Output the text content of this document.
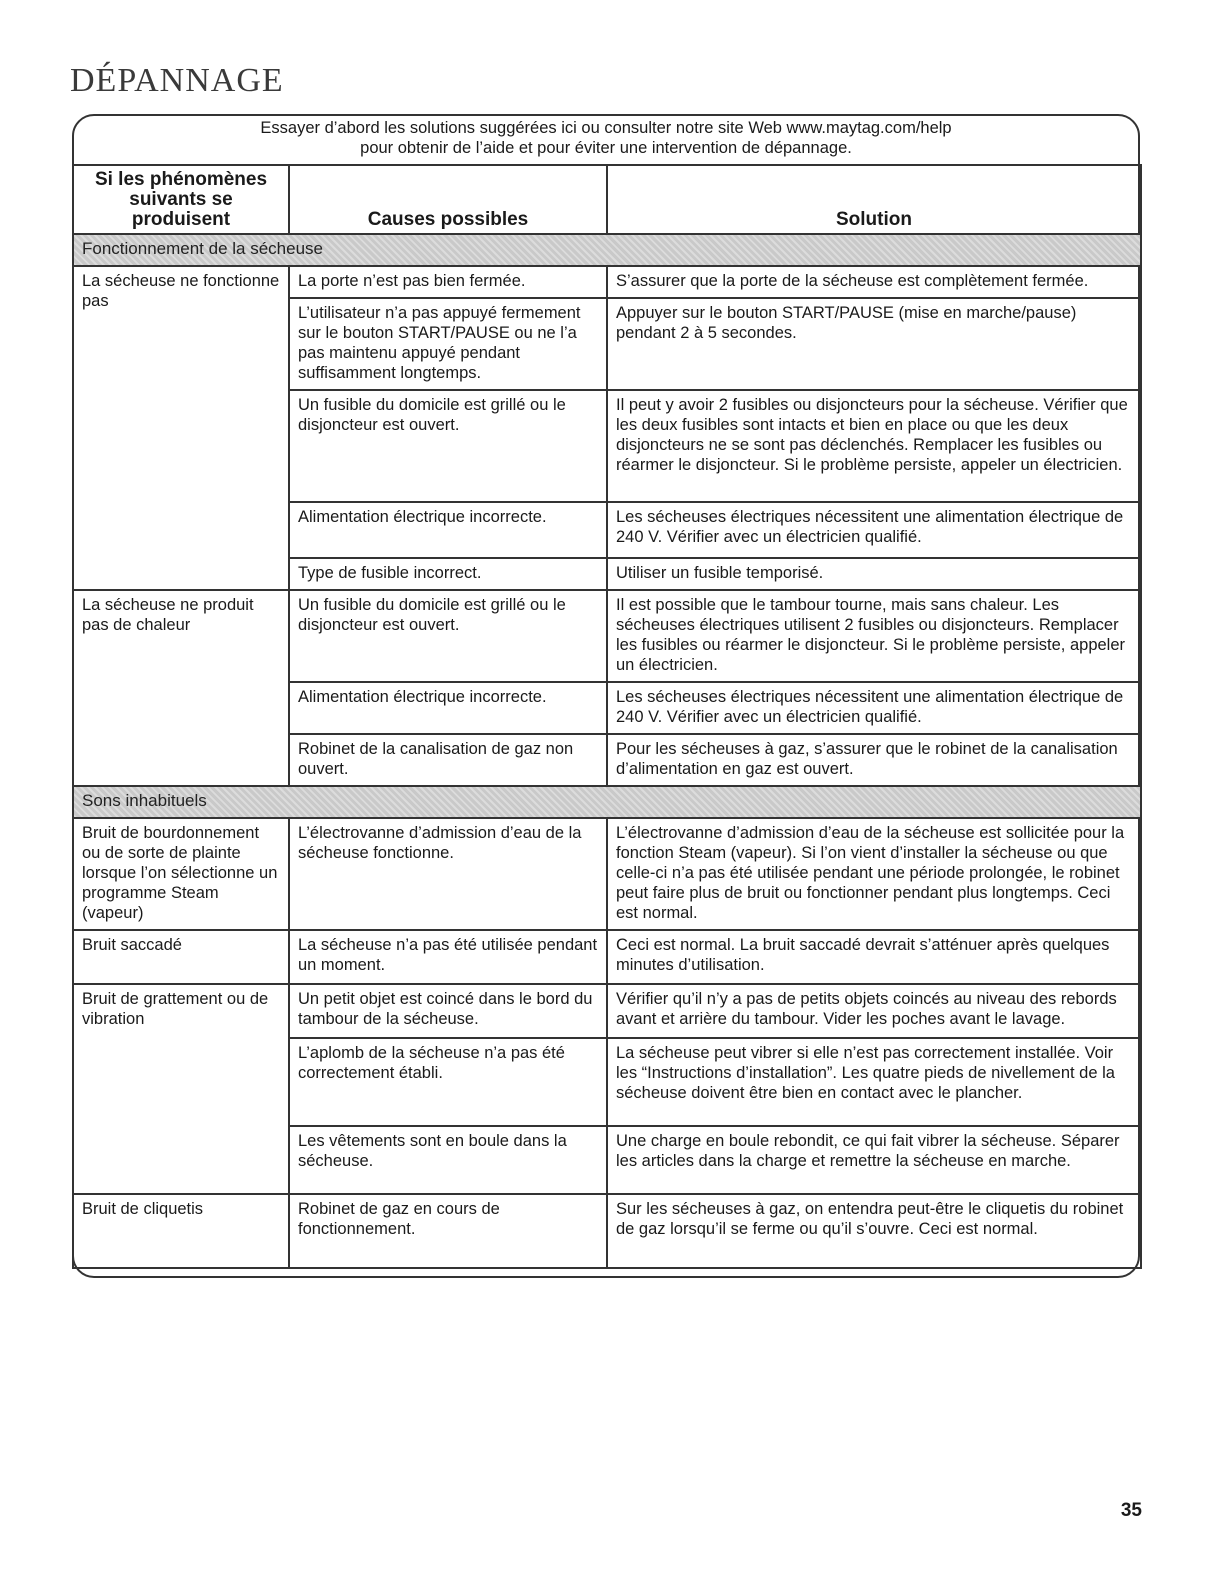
DÉPANNAGE
Essayer d’abord les solutions suggérées ici ou consulter notre site Web www.maytag.com/help
pour obtenir de l’aide et pour éviter une intervention de dépannage.
Si les phénomènes suivants se produisent	Causes possibles	Solution
Fonctionnement de la sécheuse		
La sécheuse ne fonctionne pas	La porte n’est pas bien fermée.	S’assurer que la porte de la sécheuse est complètement fermée.
	L’utilisateur n’a pas appuyé fermement sur le bouton START/PAUSE ou ne l’a pas maintenu appuyé pendant suffisamment longtemps.	Appuyer sur le bouton START/PAUSE (mise en marche/pause) pendant 2 à 5 secondes.
	Un fusible du domicile est grillé ou le disjoncteur est ouvert.	Il peut y avoir 2 fusibles ou disjoncteurs pour la sécheuse. Vérifier que les deux fusibles sont intacts et bien en place ou que les deux disjoncteurs ne se sont pas déclenchés. Remplacer les fusibles ou réarmer le disjoncteur. Si le problème persiste, appeler un électricien.
	Alimentation électrique incorrecte.	Les sécheuses électriques nécessitent une alimentation électrique de 240 V. Vérifier avec un électricien qualifié.
	Type de fusible incorrect.	Utiliser un fusible temporisé.
La sécheuse ne produit pas de chaleur	Un fusible du domicile est grillé ou le disjoncteur est ouvert.	Il est possible que le tambour tourne, mais sans chaleur. Les sécheuses électriques utilisent 2 fusibles ou disjoncteurs. Remplacer les fusibles ou réarmer le disjoncteur. Si le problème persiste, appeler un électricien.
	Alimentation électrique incorrecte.	Les sécheuses électriques nécessitent une alimentation électrique de 240 V. Vérifier avec un électricien qualifié.
	Robinet de la canalisation de gaz non ouvert.	Pour les sécheuses à gaz, s’assurer que le robinet de la canalisation d’alimentation en gaz est ouvert.
Sons inhabituels		
Bruit de bourdonnement ou de sorte de plainte lorsque l’on sélectionne un programme Steam (vapeur)	L’électrovanne d’admission d’eau de la sécheuse fonctionne.	L’électrovanne d’admission d’eau de la sécheuse est sollicitée pour la fonction Steam (vapeur). Si l’on vient d’installer la sécheuse ou que celle-ci n’a pas été utilisée pendant une période prolongée, le robinet peut faire plus de bruit ou fonctionner pendant plus longtemps. Ceci est normal.
Bruit saccadé	La sécheuse n’a pas été utilisée pendant un moment.	Ceci est normal. La bruit saccadé devrait s’atténuer après quelques minutes d’utilisation.
Bruit de grattement ou de vibration	Un petit objet est coincé dans le bord du tambour de la sécheuse.	Vérifier qu’il n’y a pas de petits objets coincés au niveau des rebords avant et arrière du tambour. Vider les poches avant le lavage.
	L’aplomb de la sécheuse n’a pas été correctement établi.	La sécheuse peut vibrer si elle n’est pas correctement installée. Voir les “Instructions d’installation”. Les quatre pieds de nivellement de la sécheuse doivent être bien en contact avec le plancher.
	Les vêtements sont en boule dans la sécheuse.	Une charge en boule rebondit, ce qui fait vibrer la sécheuse. Séparer les articles dans la charge et remettre la sécheuse en marche.
Bruit de cliquetis	Robinet de gaz en cours de fonctionnement.	Sur les sécheuses à gaz, on entendra peut-être le cliquetis du robinet de gaz lorsqu’il se ferme ou qu’il s’ouvre. Ceci est normal.
35
